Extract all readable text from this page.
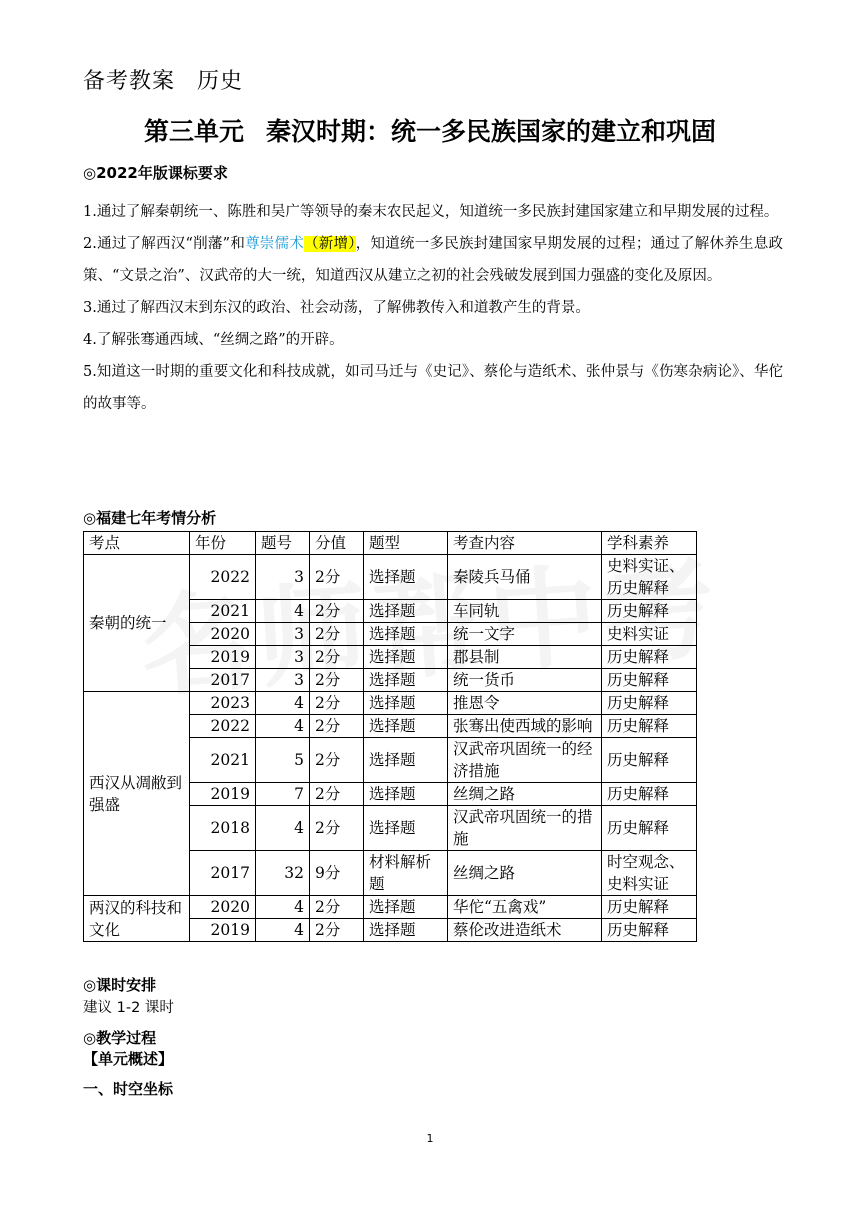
备考教案 历史
第三单元 秦汉时期：统一多民族国家的建立和巩固
◎2022年版课标要求

1.通过了解秦朝统一、陈胜和吴广等领导的秦末农民起义，知道统一多民族封建国家建立和早期发展的过程。

2.通过了解西汉“削藩”和尊崇儒术（新增），知道统一多民族封建国家早期发展的过程；通过了解休养生息政策、“文景之治”、汉武帝的大一统，知道西汉从建立之初的社会残破发展到国力强盛的变化及原因。

3.通过了解西汉末到东汉的政治、社会动荡，了解佛教传入和道教产生的背景。

4.了解张骞通西域、“丝绸之路”的开辟。

5.知道这一时期的重要文化和科技成就，如司马迁与《史记》、蔡伦与造纸术、张仲景与《伤寒杂病论》、华佗的故事等。

◎福建七年考情分析
考点	年份	题号	分值	题型	考查内容	学科素养
秦朝的统一	2022	3	2分	选择题	秦陵兵马俑	史料实证、历史解释
	2021	4	2分	选择题	车同轨	历史解释
	2020	3	2分	选择题	统一文字	史料实证
	2019	3	2分	选择题	郡县制	历史解释
	2017	3	2分	选择题	统一货币	历史解释
西汉从凋敝到强盛	2023	4	2分	选择题	推恩令	历史解释
	2022	4	2分	选择题	张骞出使西域的影响	历史解释
	2021	5	2分	选择题	汉武帝巩固统一的经济措施	历史解释
	2019	7	2分	选择题	丝绸之路	历史解释
	2018	4	2分	选择题	汉武帝巩固统一的措施	历史解释
	2017	32	9分	材料解析题	丝绸之路	时空观念、史料实证
两汉的科技和文化	2020	4	2分	选择题	华佗“五禽戏”	历史解释
	2019	4	2分	选择题	蔡伦改进造纸术	历史解释
◎课时安排
建议 1-2 课时
◎教学过程
【单元概述】
一、时空坐标
1
